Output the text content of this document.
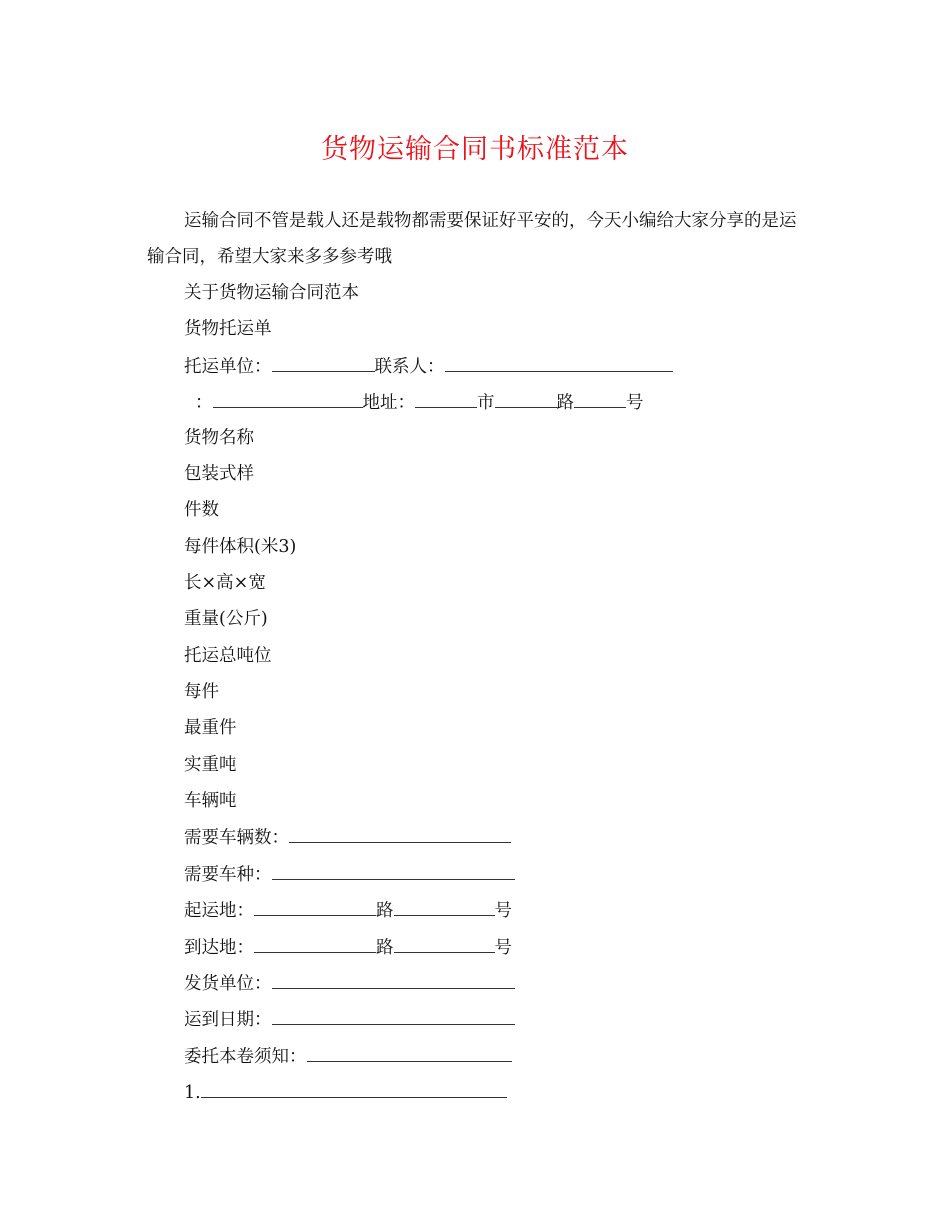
货物运输合同书标准范本

运输合同不管是载人还是载物都需要保证好平安的，今天小编给大家分享的是运输合同，希望大家来多多参考哦

关于货物运输合同范本

货物托运单

托运单位：	联系人：

：	地址：	市	路	号

货物名称

包装式样

件数

每件体积(米3)

长×高×宽

重量(公斤)

托运总吨位

每件

最重件

实重吨

车辆吨

需要车辆数：

需要车种：

起运地：	路	号

到达地：	路	号

发货单位：

运到日期：

委托本卷须知：

1.
